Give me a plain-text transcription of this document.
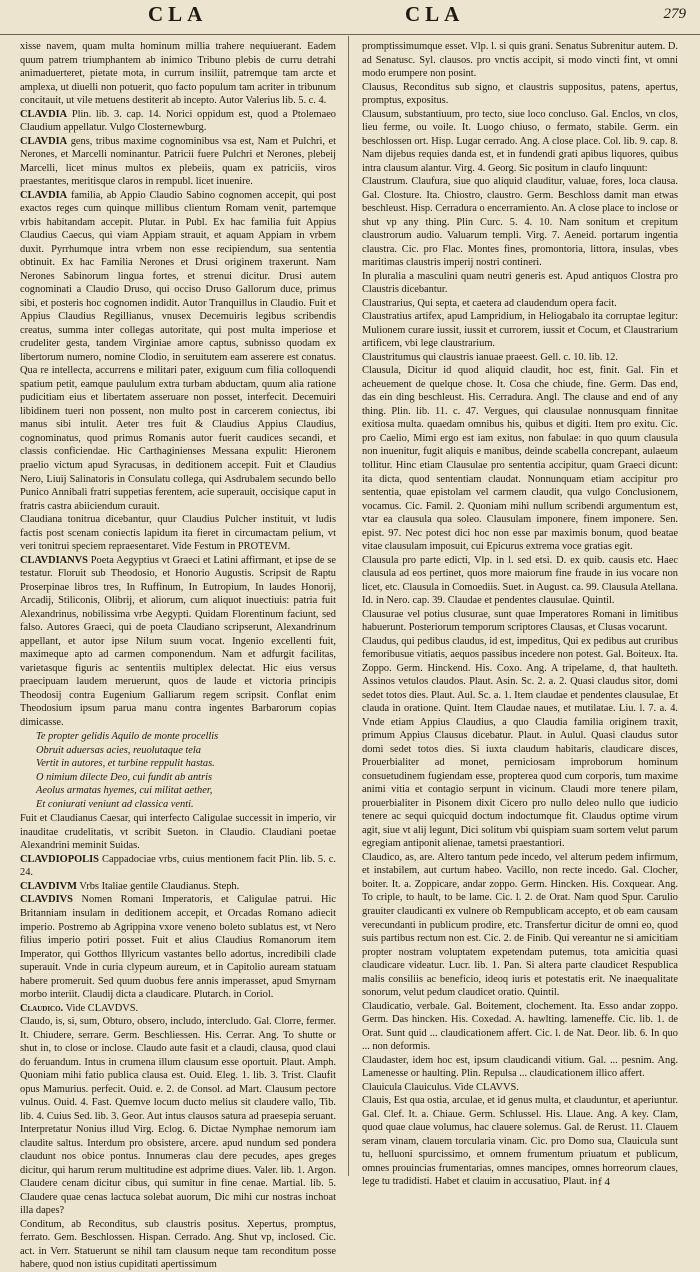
CLA	CLA	279

xisse navem, quam multa hominum millia trahere nequiuerant. Eadem quum patrem triumphantem ab inimico Tribuno plebis de curru detrahi animaduerteret, pietate mota, in currum insiliit, patremque tam arcte et amplexa, ut diuelli non potuerit, quo facto populum tam acriter in tribunum concitauit, ut vile metuens destiterit ab incepto. Autor Valerius lib. 5. c. 4.

CLAVDIA Plin. lib. 3. cap. 14. Norici oppidum est, quod a Ptolemaeo Claudium appellatur. Vulgo Closternewburg.

CLAVDIA gens, tribus maxime cognominibus vsa est, Nam et Pulchri, et Nerones, et Marcelli nominantur. Patricii fuere Pulchri et Nerones, plebeij Marcelli, licet minus multos ex plebeiis, quam ex patriciis, viros praestantes, meritisque claros in rempubl. licet inuenire.

CLAVDIA familia, ab Appio Claudio Sabino cognomen accepit, qui post exactos reges cum quinque millibus clientum Romam venit, partemque vrbis habitandam accepit. Plutar. in Publ. Ex hac familia fuit Appius Claudius Caecus, qui viam Appiam strauit, et aquam Appiam in vrbem duxit. Pyrrhumque intra vrbem non esse recipiendum, sua sententia obtinuit. Ex hac Familia Nerones et Drusi originem traxerunt. Nam Nerones Sabinorum lingua fortes, et strenui dicitur. Drusi autem cognominati a Claudio Druso, qui occiso Druso Gallorum duce, primus sibi, et posteris hoc cognomen indidit. Autor Tranquillus in Claudio. Fuit et Appius Claudius Regillianus, vnusex Decemuiris legibus scribendis creatus, summa inter collegas autoritate, qui post multa imperiose et crudeliter gesta, tandem Virginiae amore captus, subnisso quodam ex libertorum numero, nomine Clodio, in seruitutem eam asserere est conatus. Qua re intellecta, accurrens e militari pater, exiguum cum filia colloquendi spatium petit, eamque paululum extra turbam abductam, quum alia ratione pudicitiam eius et libertatem asseruare non posset, interfecit. Decemuiri libidinem tueri non possent, non multo post in carcerem coniectus, ibi manus sibi intulit. Aeter tres fuit & Claudius Appius Claudius, cognominatus, quod primus Romanis autor fuerit caudices secandi, et classis conficiendae. Hic Carthaginienses Messana expulit: Hieronem praelio victum apud Syracusas, in deditionem accepit. Fuit et Claudius Nero, Liuij Salinatoris in Consulatu collega, qui Asdrubalem secundo bello Punico Annibali fratri suppetias ferentem, acie superauit, occisique caput in fratris castra abiiciendum curauit.

Claudiana tonitrua dicebantur, quur Claudius Pulcher instituit, vt ludis factis post scenam coniectis lapidum ita fieret in circumactam pelium, vt veri tonitrui speciem repraesentaret. Vide Festum in PROTEVM.

CLAVDIANVS Poeta Aegyptius vt Graeci et Latini affirmant, et ipse de se testatur. Floruit sub Theodosio, et Honorio Augustis. Scripsit de Raptu Proserpinae libros tres, In Ruffinum, In Eutropium, In laudes Honorij, Arcadij, Stiliconis, Olibrij, et aliorum, cum aliquot inuectiuis: patria fuit Alexandrinus, nobilissima vrbe Aegypti. Quidam Florentinum faciunt, sed falso. Autores Graeci, qui de poeta Claudiano scripserunt, Alexandrinum appellant, et autor ipse Nilum suum vocat. Ingenio excellenti fuit, maximeque apto ad carmen componendum. Nam et adfurgit facilitas, varietasque figuris ac sententiis multiplex delectat. Hic eius versus praecipuam laudem meruerunt, quos de laude et victoria principis Theodosij contra Eugenium Galliarum regem scripsit. Conflat enim Theodosium ipsum parua manu contra ingentes Barbarorum copias dimicasse.

Te propter gelidis Aquilo de monte procellis
Obruit aduersas acies, reuolutaque tela
Vertit in autores, et turbine reppulit hastas.
O nimium dilecte Deo, cui fundit ab antris
Aeolus armatas hyemes, cui militat aether,
Et coniurati veniunt ad classica venti.

Fuit et Claudianus Caesar, qui interfecto Caligulae successit in imperio, vir inauditae crudelitatis, vt scribit Sueton. in Claudio. Claudiani poetae Alexandrini meminit Suidas.

CLAVDIOPOLIS Cappadociae vrbs, cuius mentionem facit Plin. lib. 5. c. 24.

CLAVDIVM Vrbs Italiae gentile Claudianus. Steph.

CLAVDIVS Nomen Romani Imperatoris, et Caligulae patrui. Hic Britanniam insulam in deditionem accepit, et Orcadas Romano adiecit imperio. Postremo ab Agrippina vxore veneno boleto sublatus est, vt Nero filius imperio potiri posset. Fuit et alius Claudius Romanorum item Imperator, qui Gotthos Illyricum vastantes bello adortus, incredibili clade superauit. Vnde in curia clypeum aureum, et in Capitolio auream statuam habere promeruit. Sed quum duobus fere annis imperasset, apud Smyrnam morbo interiit. Claudij dicta a claudicare. Plutarch. in Coriol.

Claudico. Vide CLAVDVS.

Claudo, is, si, sum, Obturo, obsero, includo, intercludo. Gal. Clorre, fermer. It. Chiudere, serrare. Germ. Beschliessen. His. Cerrar. Ang. To shutte or shut in, to close or inclose. Claudo aute fasit et a claudi, clausa, quod claui do feruandum. Intus in crumena illum clausum esse oportuit. Plaut. Amph. Quoniam mihi fatio publica clausa est. Ouid. Eleg. 1. lib. 3. Trist. Claufit opus Mamurius. perfecit. Ouid. e. 2. de Consol. ad Mart. Clausum pectore vulnus. Ouid. 4. Fast. Quemve locum ducto melius sit claudere vallo, Tib. lib. 4. Cuius Sed. lib. 3. Geor. Aut intus clausos satura ad praesepia seruant. Interpretatur Nonius illud Virg. Eclog. 6. Dictae Nymphae nemorum iam claudite saltus. Interdum pro obsistere, arcere. apud nundum sed pondera claudunt nos obice pontus. Innumeras clau dere pecudes, apes greges dicitur, qui harum rerum multitudine est adprime diues. Valer. lib. 1. Argon. Claudere cenam dicitur cibus, qui sumitur in fine cenae. Martial. lib. 5. Claudere quae cenas lactuca solebat auorum, Dic mihi cur nostras inchoat illa dapes?

Conditum, ab Reconditus, sub claustris positus. Xepertus, promptus, ferrato. Gem. Beschlossen. Hispan. Cerrado. Ang. Shut vp, inclosed. Cic. act. in Verr. Statuerunt se nihil tam clausum neque tam reconditum posse habere, quod non istius cupiditati apertissimum

promptissimumque esset. Vlp. l. si quis grani. Senatus Subrenitur autem. D. ad Senatusc. Syl. clausos. pro vnctis accipit, si modo vincti fint, vt omni modo erumpere non posint.

Clausus, Reconditus sub signo, et claustris suppositus, patens, apertus, promptus, expositus.

Clausum, substantiuum, pro tecto, siue loco concluso. Gal. Enclos, vn clos, lieu ferme, ou voile. It. Luogo chiuso, o fermato, stabile. Germ. ein beschlossen ort. Hisp. Lugar cerrado. Ang. A close place. Col. lib. 9. cap. 8. Nam dijebus requies danda est, et in fundendi grati apibus liquores, quibus intra clausum alantur. Virg. 4. Georg. Sic positum in claufo linquunt:

Claustrum. Claufura, siue quo aliquid clauditur, valuae, fores, loca clausa. Gal. Closture. Ita. Chiostro, claustro. Germ. Beschloss damit man etwas beschleust. Hisp. Cerradura o encerramiento. An. A close place to inclose or shut vp any thing. Plin Curc. 5. 4. 10. Nam sonitum et crepitum claustrorum audio. Valuarum templi. Virg. 7. Aeneid. portarum ingentia claustra. Cic. pro Flac. Montes fines, promontoria, littora, insulas, vbes maritimas claustris imperij nostri contineri.

In pluralia a masculini quam neutri generis est. Apud antiquos Clostra pro Claustris dicebantur.

Claustrarius, Qui septa, et caetera ad claudendum opera facit.

Claustratius artifex, apud Lampridium, in Heliogabalo ita corruptae legitur: Mulionem curare iussit, iussit et currorem, iussit et Cocum, et Claustrarium artificem, vbi lege claustrarium.

Claustritumus qui claustris ianuae praeest. Gell. c. 10. lib. 12.

Clausula, Dicitur id quod aliquid claudit, hoc est, finit. Gal. Fin et acheuement de quelque chose. It. Cosa che chiude, fine. Germ. Das end, das ein ding beschleust. His. Cerradura. Angl. The clause and end of any thing. Plin. lib. 11. c. 47. Vergues, qui clausulae nonnusquam finnitae exitiosa multa. quaedam omnibus his, quibus et digiti. Item pro exitu. Cic. pro Caelio, Mimi ergo est iam exitus, non fabulae: in quo quum clausula non inuenitur, fugit aliquis e manibus, deinde scabella concrepant, aulaeum tollitur. Hinc etiam Clausulae pro sententia accipitur, quam Graeci dicunt: ita dicta, quod sententiam claudat. Nonnunquam etiam accipitur pro sententia, quae epistolam vel carmem claudit, qua vulgo Conclusionem, vocamus. Cic. Famil. 2. Quoniam mihi nullum scribendi argumentum est, vtar ea clausula qua soleo. Clausulam imponere, finem imponere. Sen. epist. 97. Nec potest dici hoc non esse par maximis bonum, quod beatae vitae clausulam imposuit, cui Epicurus extrema voce gratias egit.

Clausula pro parte edicti, Vlp. in l. sed etsi. D. ex quib. causis etc. Haec clausula ad eos pertinet, quos more maiorum fine fraude in ius vocare non licet, etc. Clausula in Comoediis. Suet. in August. ca. 99. Clausula Atellana. Id. in Nero. cap. 39. Claudae et pendentes clausulae. Quintil.

Clausurae vel potius clusurae, sunt quae Imperatores Romani in limitibus habuerunt. Posteriorum temporum scriptores Clausas, et Clusas vocarunt.

Claudus, qui pedibus claudus, id est, impeditus, Qui ex pedibus aut cruribus femoribusue vitiatis, aequos passibus incedere non potest. Gal. Boiteux. Ita. Zoppo. Germ. Hinckend. His. Coxo. Ang. A tripelame, d, that haulteth. Assinos vetulos claudos. Plaut. Asin. Sc. 2. a. 2. Quasi claudus sitor, domi sedet totos dies. Plaut. Aul. Sc. a. 1. Item claudae et pendentes clausulae, Et clauda in oratione. Quint. Item Claudae naues, et mutilatae. Liu. l. 7. a. 4. Vnde etiam Appius Claudius, a quo Claudia familia originem traxit, primum Appius Clausus dicebatur. Plaut. in Aulul. Quasi claudus sutor domi sedet totos dies. Si iuxta claudum habitaris, claudicare disces, Prouerbialiter ad monet, perniciosam improborum hominum consuetudinem fugiendam esse, propterea quod cum corporis, tum maxime animi vitia et contagio serpunt in vicinum. Claudi more tenere pilam, prouerbialiter in Pisonem dixit Cicero pro nullo deleo nullo que iudicio tenere ac sequi quicquid doctum indoctumque fit. Claudus optime virum agit, siue vt alij legunt, Dici solitum vbi quispiam suam sortem velut parum egregiam antiponit alienae, tametsi praestantiori.

Claudico, as, are. Altero tantum pede incedo, vel alterum pedem infirmum, et instabilem, aut curtum habeo. Vacillo, non recte incedo. Gal. Clocher, boiter. It. a. Zoppicare, andar zoppo. Germ. Hincken. His. Coxquear. Ang. To criple, to hault, to be lame. Cic. l. 2. de Orat. Nam quod Spur. Carulio grauiter claudicanti ex vulnere ob Rempublicam accepto, et ob eam causam verecundanti in publicum prodire, etc. Transfertur dicitur de omni eo, quod suis partibus rectum non est. Cic. 2. de Finib. Qui vereantur ne si amicitiam propter nostram voluptatem expetendam putemus, tota amicitia quasi claudicare videatur. Lucr. lib. 1. Pan. Si altera parte claudicet Respublica malis consiliis ac beneficio, ideoq iuris et potestatis erit. Ne inaequalitate sonorum, velut pedum claudicet oratio. Quintil.

Claudicatio, verbale. Gal. Boitement, clochement. Ita. Esso andar zoppo. Germ. Das hincken. His. Coxedad. A. hawlting. lameneffe. Cic. lib. 1. de Orat. Sunt quid ... claudicationem affert. Cic. l. de Nat. Deor. lib. 6. In quo ... non deformis.

Claudaster, idem hoc est, ipsum claudicandi vitium. Gal. ... pesnim. Ang. Lamenesse or haulting. Plin. Repulsa ... claudicationem illico affert.

Clauicula Clauiculus. Vide CLAVVS.

Clauis, Est qua ostia, arculae, et id genus multa, et clauduntur, et aperiuntur. Gal. Clef. It. a. Chiaue. Germ. Schlussel. His. Llaue. Ang. A key. Clam, quod quae claue volumus, hac clauere solemus. Gal. de Rerust. 11. Clauem seram vinam, clauem torcularia vinam. Cic. pro Domo sua, Clauicula sunt tu, helluoni spurcissimo, et omnem frumentum priuatum et publicum, omnes prouincias frumentarias, omnes mancipes, omnes horreorum claues, lege tu tradidisti. Habet et clauim in accusatiuo, Plaut. in f 4
